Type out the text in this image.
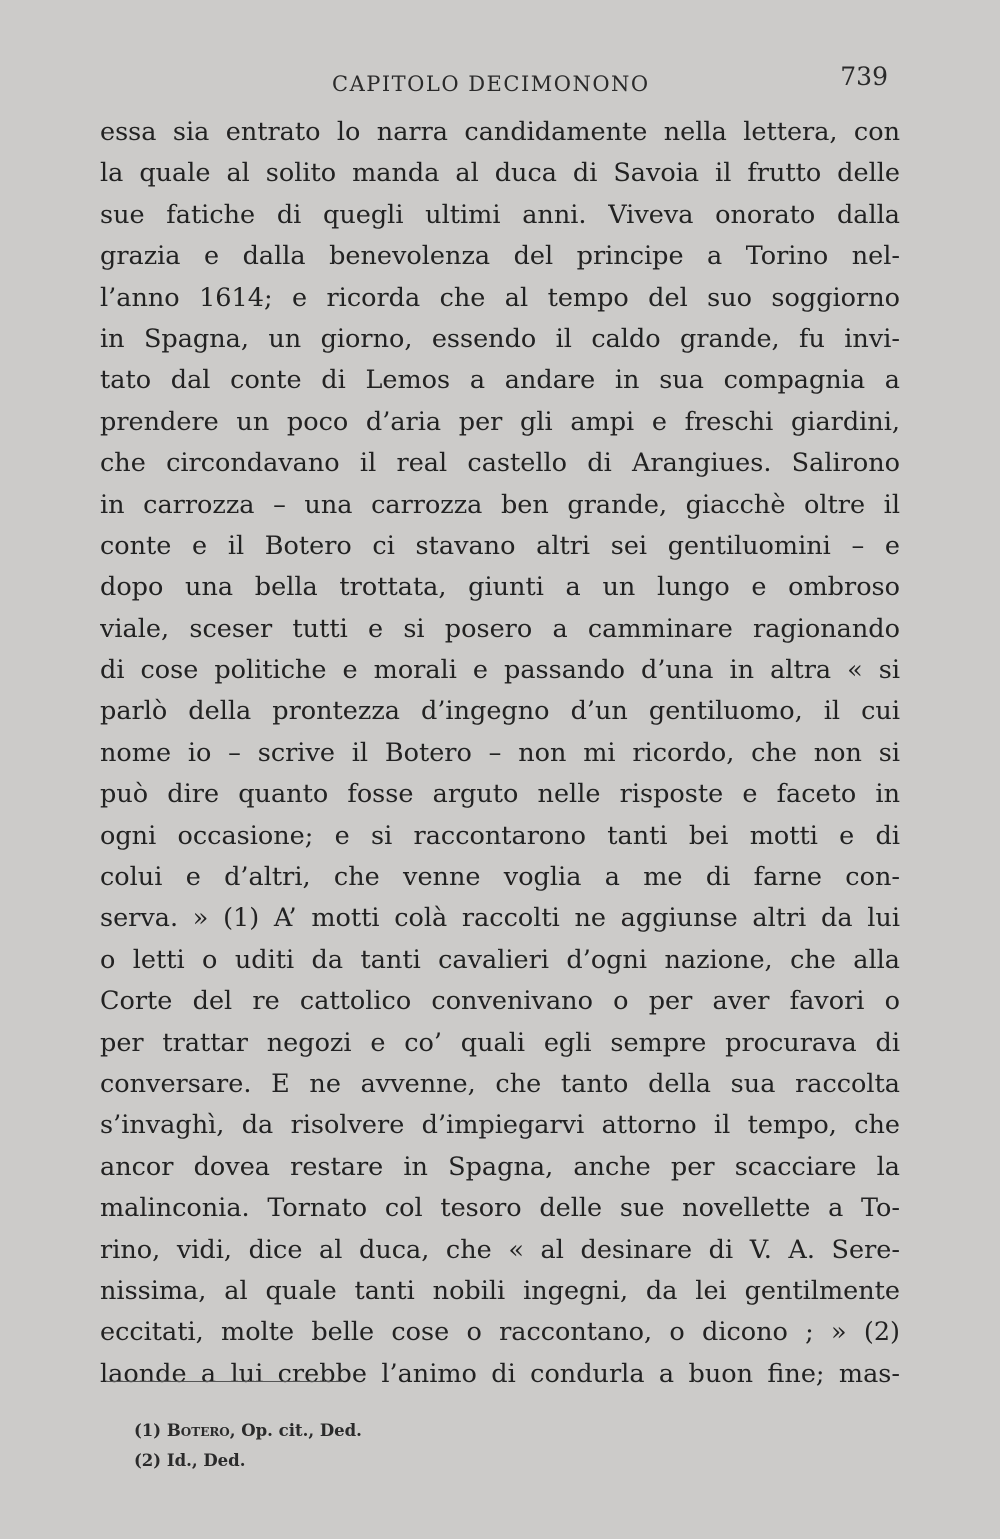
CAPITOLO DECIMONONO	739
essa sia entrato lo narra candidamente nella lettera, con
la quale al solito manda al duca di Savoia il frutto delle
sue fatiche di quegli ultimi anni. Viveva onorato dalla
grazia e dalla benevolenza del principe a Torino nel-
l’anno 1614; e ricorda che al tempo del suo soggiorno
in Spagna, un giorno, essendo il caldo grande, fu invi-
tato dal conte di Lemos a andare in sua compagnia a
prendere un poco d’aria per gli ampi e freschi giardini,
che circondavano il real castello di Arangiues. Salirono
in carrozza – una carrozza ben grande, giacchè oltre il
conte e il Botero ci stavano altri sei gentiluomini – e
dopo una bella trottata, giunti a un lungo e ombroso
viale, sceser tutti e si posero a camminare ragionando
di cose politiche e morali e passando d’una in altra « si
parlò della prontezza d’ingegno d’un gentiluomo, il cui
nome io – scrive il Botero – non mi ricordo, che non si
può dire quanto fosse arguto nelle risposte e faceto in
ogni occasione; e si raccontarono tanti bei motti e di
colui e d’altri, che venne voglia a me di farne con-
serva. » (1) A’ motti colà raccolti ne aggiunse altri da lui
o letti o uditi da tanti cavalieri d’ogni nazione, che alla
Corte del re cattolico convenivano o per aver favori o
per trattar negozi e co’ quali egli sempre procurava di
conversare. E ne avvenne, che tanto della sua raccolta
s’invaghì, da risolvere d’impiegarvi attorno il tempo, che
ancor dovea restare in Spagna, anche per scacciare la
malinconia. Tornato col tesoro delle sue novellette a To-
rino, vidi, dice al duca, che « al desinare di V. A. Sere-
nissima, al quale tanti nobili ingegni, da lei gentilmente
eccitati, molte belle cose o raccontano, o dicono ; » (2)
laonde a lui crebbe l’animo di condurla a buon fine; mas-
(1) Botero, Op. cit., Ded.
(2) Id., Ded.
